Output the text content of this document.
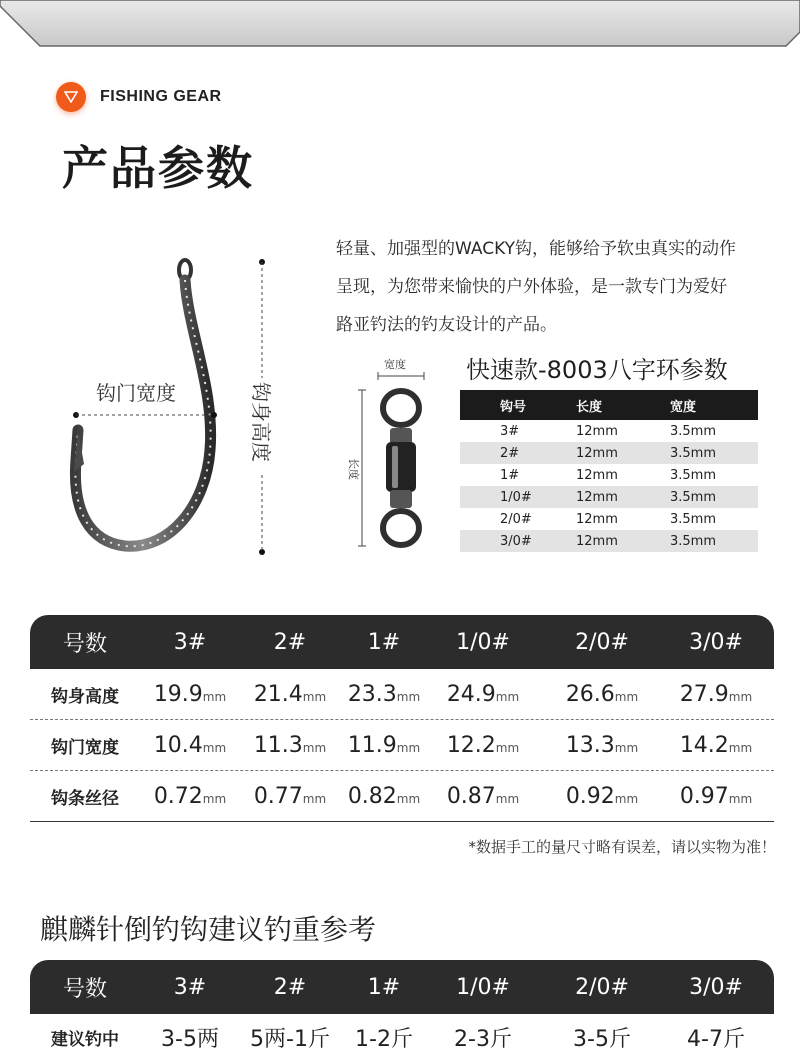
FISHING GEAR
产品参数
轻量、加强型的WACKY钩，能够给予软虫真实的动作
呈现，为您带来愉快的户外体验，是一款专门为爱好
路亚钓法的钓友设计的产品。
钩门宽度	钩身高度
宽度
长度
快速款-8003八字环参数
钩号	长度	宽度
3#	12mm	3.5mm
2#	12mm	3.5mm
1#	12mm	3.5mm
1/0#	12mm	3.5mm
2/0#	12mm	3.5mm
3/0#	12mm	3.5mm
号数	3#	2#	1#	1/0#	2/0#	3/0#
钩身高度	19.9mm	21.4mm 23.3mm	24.9mm	26.6mm	27.9mm
钩门宽度	10.4mm	11.3mm 11.9mm	12.2mm	13.3mm	14.2mm
钩条丝径	0.72mm	0.77mm 0.82mm	0.87mm	0.92mm	0.97mm
*数据手工的量尺寸略有误差，请以实物为准！
麒麟针倒钓钩建议钓重参考
号数	3#	2#	1#	1/0#	2/0#	3/0#
建议钓中	3-5两	5两-1斤	1-2斤	2-3斤	3-5斤	4-7斤
